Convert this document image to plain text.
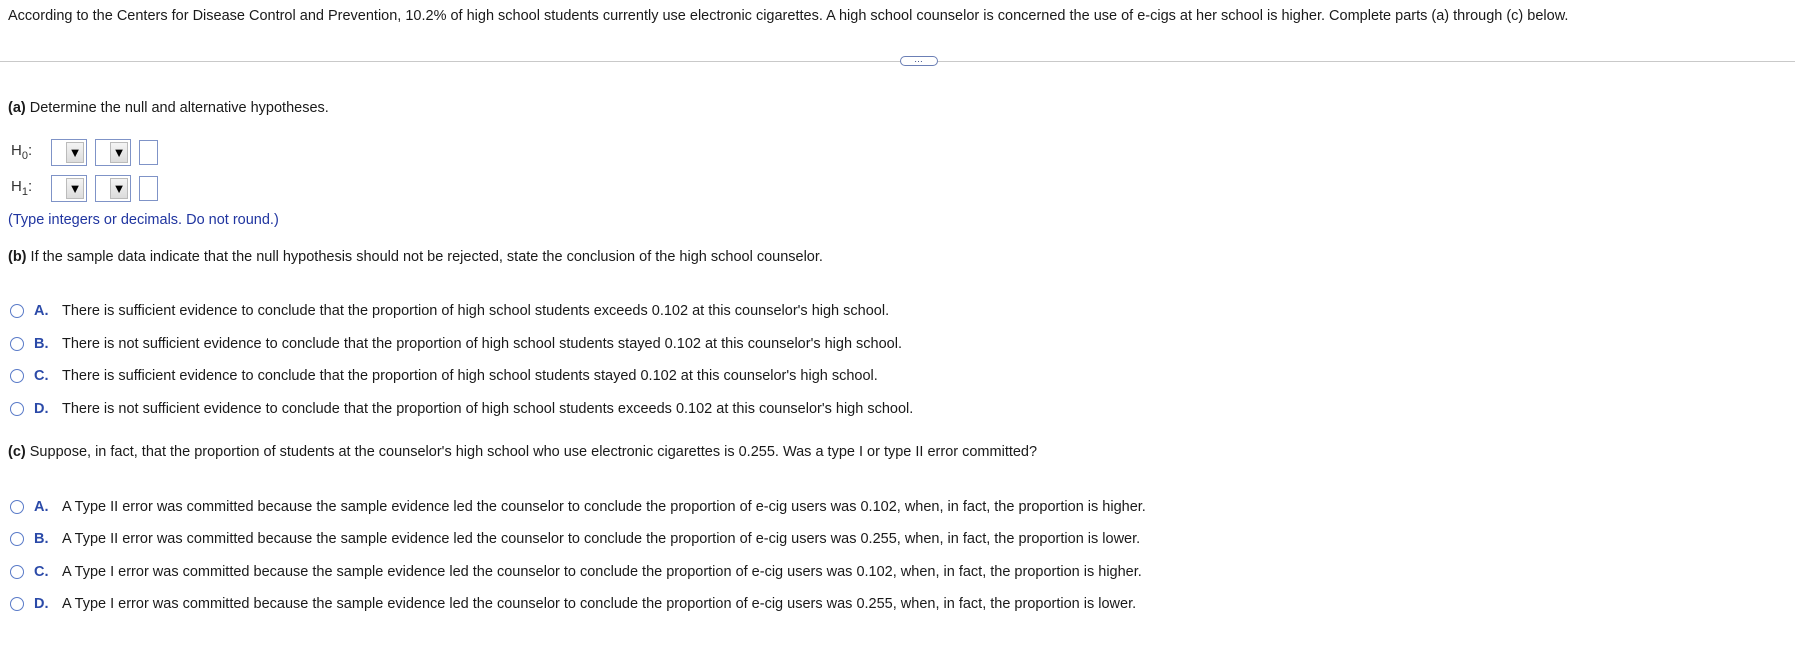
According to the Centers for Disease Control and Prevention, 10.2% of high school students currently use electronic cigarettes. A high school counselor is concerned the use of e-cigs at her school is higher. Complete parts (a) through (c) below.
…
(a) Determine the null and alternative hypotheses.
$H_0$:	▼ ▼
$H_1$:	▼ ▼
(Type integers or decimals. Do not round.)
(b) If the sample data indicate that the null hypothesis should not be rejected, state the conclusion of the high school counselor.
A. There is sufficient evidence to conclude that the proportion of high school students exceeds 0.102 at this counselor's high school.
B. There is not sufficient evidence to conclude that the proportion of high school students stayed 0.102 at this counselor's high school.
C. There is sufficient evidence to conclude that the proportion of high school students stayed 0.102 at this counselor's high school.
D. There is not sufficient evidence to conclude that the proportion of high school students exceeds 0.102 at this counselor's high school.
(c) Suppose, in fact, that the proportion of students at the counselor's high school who use electronic cigarettes is 0.255. Was a type I or type II error committed?
A. A Type II error was committed because the sample evidence led the counselor to conclude the proportion of e-cig users was 0.102, when, in fact, the proportion is higher.
B. A Type II error was committed because the sample evidence led the counselor to conclude the proportion of e-cig users was 0.255, when, in fact, the proportion is lower.
C. A Type I error was committed because the sample evidence led the counselor to conclude the proportion of e-cig users was 0.102, when, in fact, the proportion is higher.
D. A Type I error was committed because the sample evidence led the counselor to conclude the proportion of e-cig users was 0.255, when, in fact, the proportion is lower.
